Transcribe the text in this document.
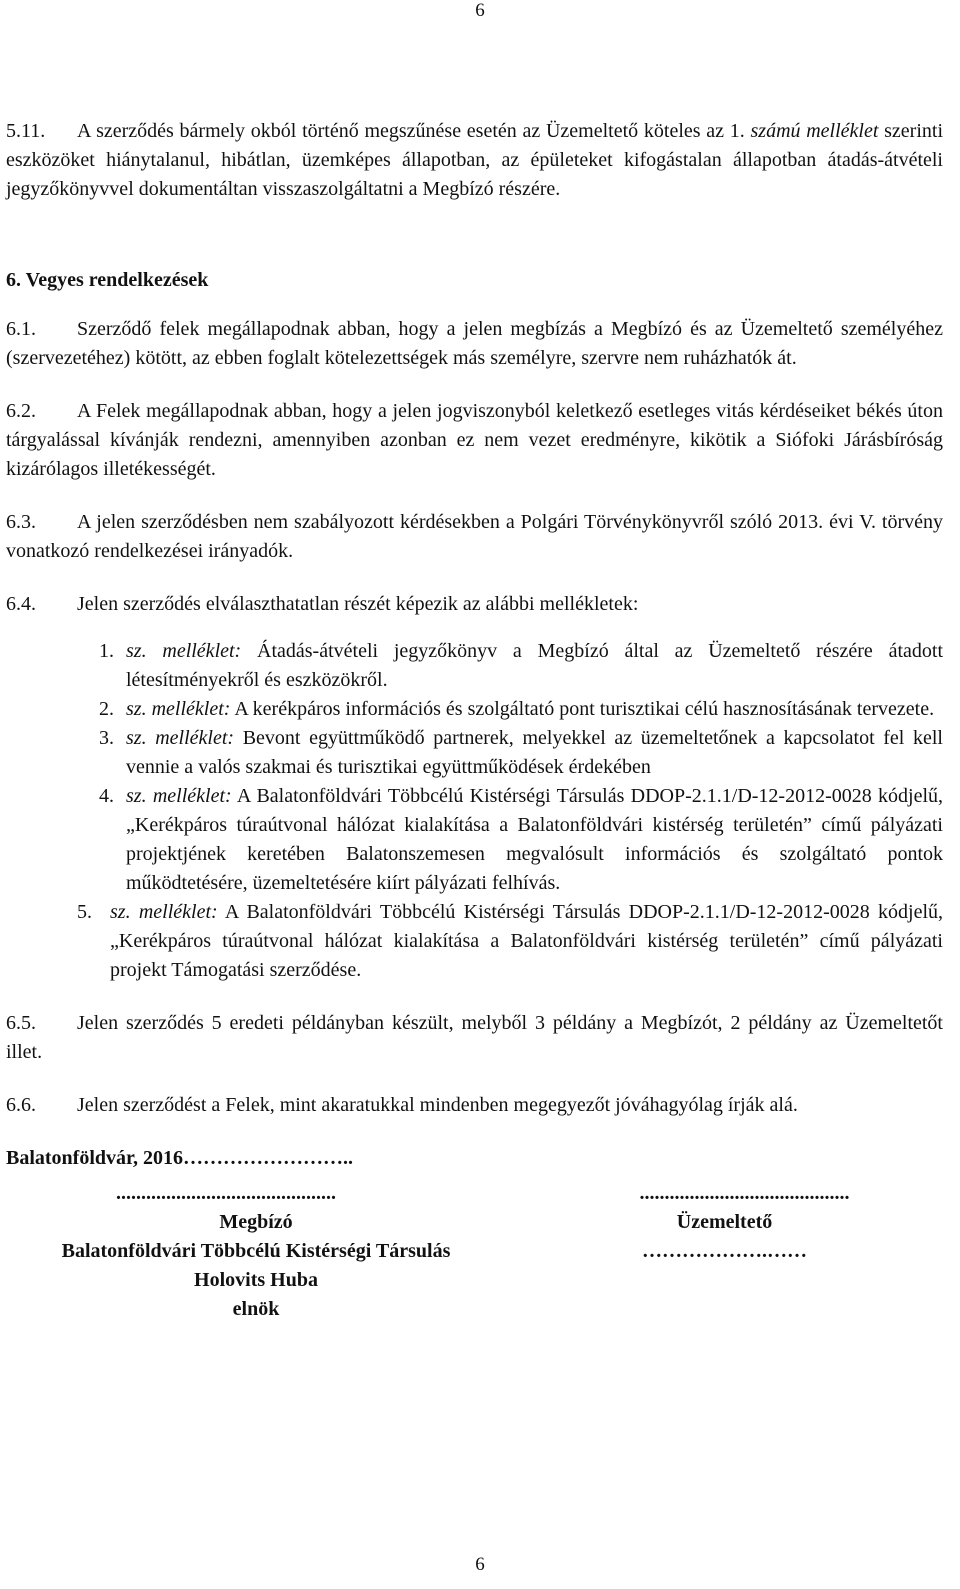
6

5.11. A szerződés bármely okból történő megszűnése esetén az Üzemeltető köteles az 1. számú melléklet szerinti eszközöket hiánytalanul, hibátlan, üzemképes állapotban, az épületeket kifogástalan állapotban átadás-átvételi jegyzőkönyvvel dokumentáltan visszaszolgáltatni a Megbízó részére.

6. Vegyes rendelkezések

6.1. Szerződő felek megállapodnak abban, hogy a jelen megbízás a Megbízó és az Üzemeltető személyéhez (szervezetéhez) kötött, az ebben foglalt kötelezettségek más személyre, szervre nem ruházhatók át.

6.2. A Felek megállapodnak abban, hogy a jelen jogviszonyból keletkező esetleges vitás kérdéseiket békés úton tárgyalással kívánják rendezni, amennyiben azonban ez nem vezet eredményre, kikötik a Siófoki Járásbíróság kizárólagos illetékességét.

6.3. A jelen szerződésben nem szabályozott kérdésekben a Polgári Törvénykönyvről szóló 2013. évi V. törvény vonatkozó rendelkezései irányadók.

6.4. Jelen szerződés elválaszthatatlan részét képezik az alábbi mellékletek:

1. sz. melléklet: Átadás-átvételi jegyzőkönyv a Megbízó által az Üzemeltető részére átadott létesítményekről és eszközökről.
2. sz. melléklet: A kerékpáros információs és szolgáltató pont turisztikai célú hasznosításának tervezete.
3. sz. melléklet: Bevont együttműködő partnerek, melyekkel az üzemeltetőnek a kapcsolatot fel kell vennie a valós szakmai és turisztikai együttműködések érdekében
4. sz. melléklet: A Balatonföldvári Többcélú Kistérségi Társulás DDOP-2.1.1/D-12-2012-0028 kódjelű, „Kerékpáros túraútvonal hálózat kialakítása a Balatonföldvári kistérség területén” című pályázati projektjének keretében Balatonszemesen megvalósult információs és szolgáltató pontok működtetésére, üzemeltetésére kiírt pályázati felhívás.
5. sz. melléklet: A Balatonföldvári Többcélú Kistérségi Társulás DDOP-2.1.1/D-12-2012-0028 kódjelű, „Kerékpáros túraútvonal hálózat kialakítása a Balatonföldvári kistérség területén” című pályázati projekt Támogatási szerződése.

6.5. Jelen szerződés 5 eredeti példányban készült, melyből 3 példány a Megbízót, 2 példány az Üzemeltetőt illet.

6.6. Jelen szerződést a Felek, mint akaratukkal mindenben megegyezőt jóváhagyólag írják alá.

Balatonföldvár, 2016……………………..
............................................	..........................................
Megbízó	Üzemeltető
Balatonföldvári Többcélú Kistérségi Társulás	……………….……
Holovits Huba
elnök
6
